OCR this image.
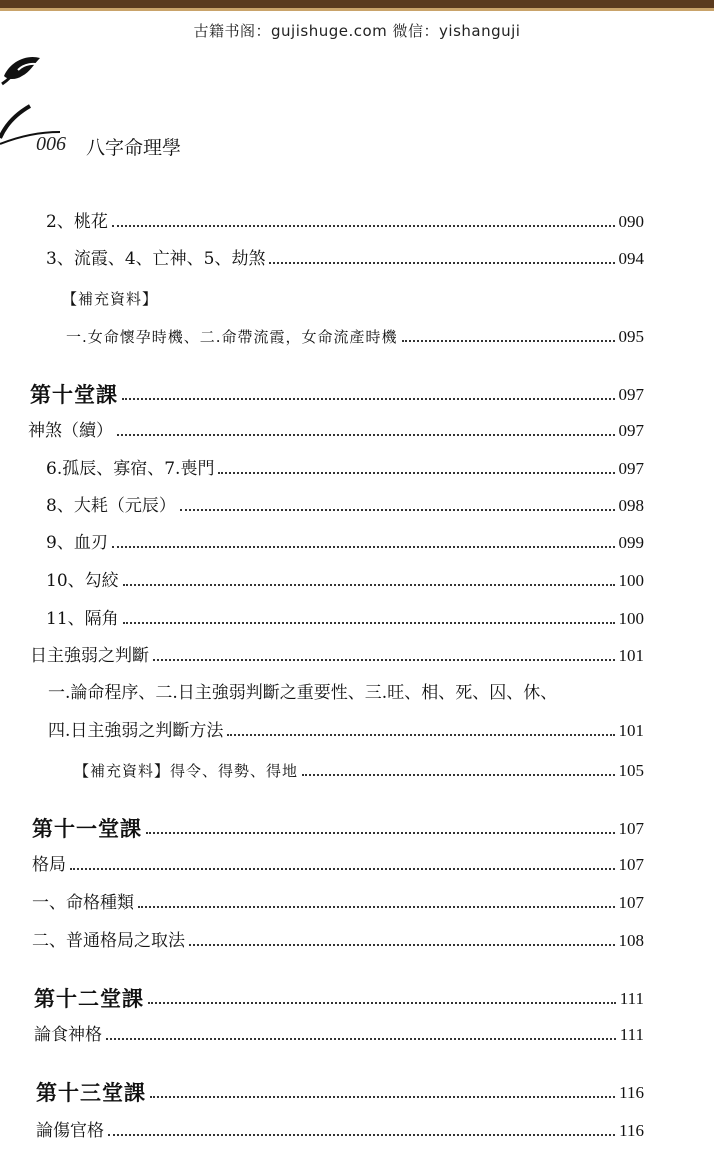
古籍书阁：gujishuge.com 微信：yishanguji
006 八字命理學
2、桃花	090
3、流霞、4、亡神、5、劫煞	094
【補充資料】
一.女命懷孕時機、二.命帶流霞，女命流產時機	095
第十堂課	097
神煞（續）	097
6.孤辰、寡宿、7.喪門	097
8、大耗（元辰）	098
9、血刃	099
10、勾絞	100
11、隔角	100
日主強弱之判斷	101
一.論命程序、二.日主強弱判斷之重要性、三.旺、相、死、囚、休、
四.日主強弱之判斷方法	101
【補充資料】得令、得勢、得地	105
第十一堂課	107
格局	107
一、命格種類	107
二、普通格局之取法	108
第十二堂課	111
論食神格	111
第十三堂課	116
論傷官格	116
